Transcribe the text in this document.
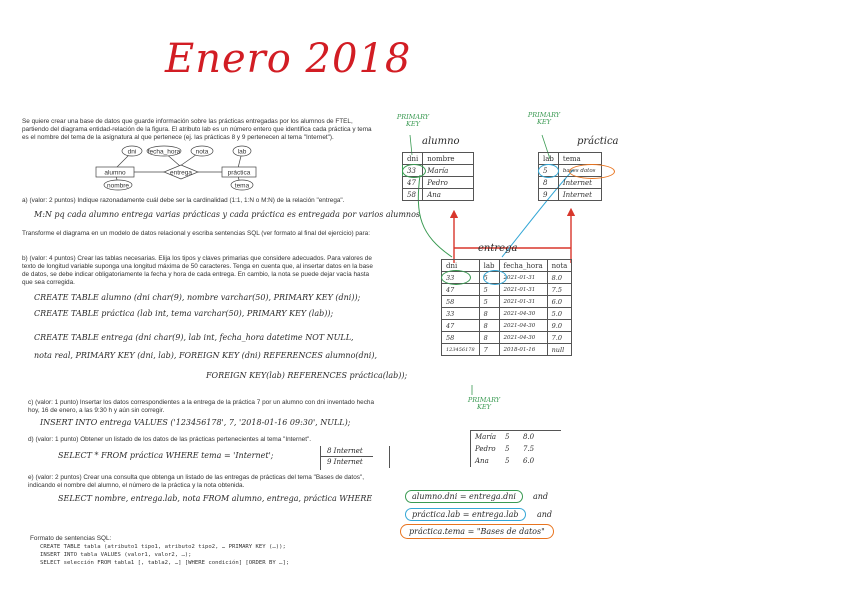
Enero 2018
Se quiere crear una base de datos que guarde información sobre las prácticas entregadas por los alumnos de FTEL, partiendo del diagrama entidad-relación de la figura. El atributo lab es un número entero que identifica cada práctica y tema es el nombre del tema de la asignatura al que pertenece (ej. las prácticas 8 y 9 pertenecen al tema "Internet").
dni fecha_hora nota	lab
alumno	entrega	práctica
nombre	tema
a) (valor: 2 puntos) Indique razonadamente cuál debe ser la cardinalidad (1:1, 1:N o M:N) de la relación "entrega".
M:N pq cada alumno entrega varias prácticas y cada práctica es entregada por varios alumnos
Transforme el diagrama en un modelo de datos relacional y escriba sentencias SQL (ver formato al final del ejercicio) para:
b) (valor: 4 puntos) Crear las tablas necesarias. Elija los tipos y claves primarias que considere adecuados. Para valores de texto de longitud variable suponga una longitud máxima de 50 caracteres. Tenga en cuenta que, al insertar datos en la base de datos, se debe indicar obligatoriamente la fecha y hora de cada entrega. En cambio, la nota se puede dejar vacía hasta que sea corregida.
CREATE TABLE alumno (dni char(9), nombre varchar(50), PRIMARY KEY (dni));
CREATE TABLE práctica (lab int, tema varchar(50), PRIMARY KEY (lab));
CREATE TABLE entrega (dni char(9), lab int, fecha_hora datetime NOT NULL,
nota real, PRIMARY KEY (dni, lab), FOREIGN KEY (dni) REFERENCES alumno(dni),
FOREIGN KEY(lab) REFERENCES práctica(lab));
c) (valor: 1 punto) Insertar los datos correspondientes a la entrega de la práctica 7 por un alumno con dni inventado hecha hoy, 16 de enero, a las 9:30 h y aún sin corregir.
INSERT INTO entrega VALUES ('123456178', 7, '2018-01-16 09:30', NULL);
d) (valor: 1 punto) Obtener un listado de los datos de las prácticas pertenecientes al tema "Internet".
SELECT * FROM práctica WHERE tema = 'Internet';	8 Internet
9 Internet
e) (valor: 2 puntos) Crear una consulta que obtenga un listado de las entregas de prácticas del tema "Bases de datos", indicando el nombre del alumno, el número de la práctica y la nota obtenida.
SELECT nombre, entrega.lab, nota FROM alumno, entrega, práctica WHERE	alumno.dni = entrega.dni	and
práctica.lab = entrega.lab	and
práctica.tema = "Bases de datos"
Formato de sentencias SQL:
CREATE TABLE tabla (atributo1 tipo1, atributo2 tipo2, … PRIMARY KEY (…));
INSERT INTO tabla VALUES (valor1, valor2, …);
SELECT selección FROM tabla1 [, tabla2, …] [WHERE condición] [ORDER BY …];
PRIMARY KEY
PRIMARY KEY
PRIMARY KEY
alumno
dni	nombre
33	María
47	Pedro
58	Ana
práctica
lab	tema
5	bases datos
8	Internet
9	Internet
entrega
dni	lab	fecha_hora	nota
33	5	2021-01-31	8.0
47	5	2021-01-31	7.5
58	5	2021-01-31	6.0
33	8	2021-04-30	5.0
47	8	2021-04-30	9.0
58	8	2021-04-30	7.0
123456178	7	2018-01-16	null
María 5 8.0
Pedro 5 7.5
Ana 5 6.0
